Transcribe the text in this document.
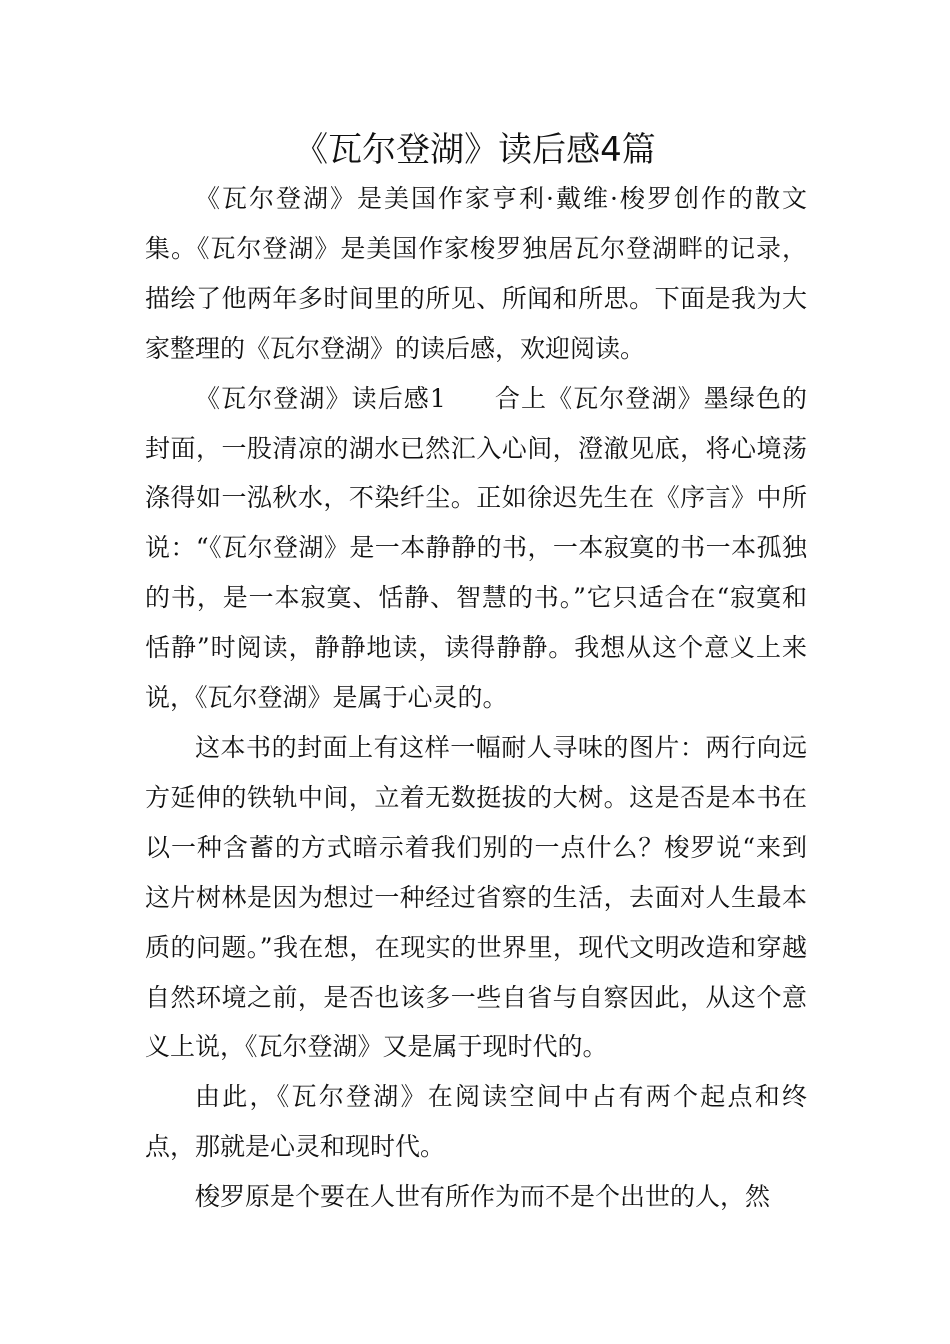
《瓦尔登湖》读后感4篇

《瓦尔登湖》是美国作家亨利·戴维·梭罗创作的散文集。《瓦尔登湖》是美国作家梭罗独居瓦尔登湖畔的记录，描绘了他两年多时间里的所见、所闻和所思。下面是我为大家整理的《瓦尔登湖》的读后感，欢迎阅读。

《瓦尔登湖》读后感1 合上《瓦尔登湖》墨绿色的封面，一股清凉的湖水已然汇入心间，澄澈见底，将心境荡涤得如一泓秋水，不染纤尘。正如徐迟先生在《序言》中所说：“《瓦尔登湖》是一本静静的书，一本寂寞的书一本孤独的书，是一本寂寞、恬静、智慧的书。”它只适合在“寂寞和恬静”时阅读，静静地读，读得静静。我想从这个意义上来说，《瓦尔登湖》是属于心灵的。

这本书的封面上有这样一幅耐人寻味的图片：两行向远方延伸的铁轨中间，立着无数挺拔的大树。这是否是本书在以一种含蓄的方式暗示着我们别的一点什么？梭罗说“来到这片树林是因为想过一种经过省察的生活，去面对人生最本质的问题。”我在想，在现实的世界里，现代文明改造和穿越自然环境之前，是否也该多一些自省与自察因此，从这个意义上说，《瓦尔登湖》又是属于现时代的。

由此，《瓦尔登湖》在阅读空间中占有两个起点和终点，那就是心灵和现时代。

梭罗原是个要在人世有所作为而不是个出世的人，然
